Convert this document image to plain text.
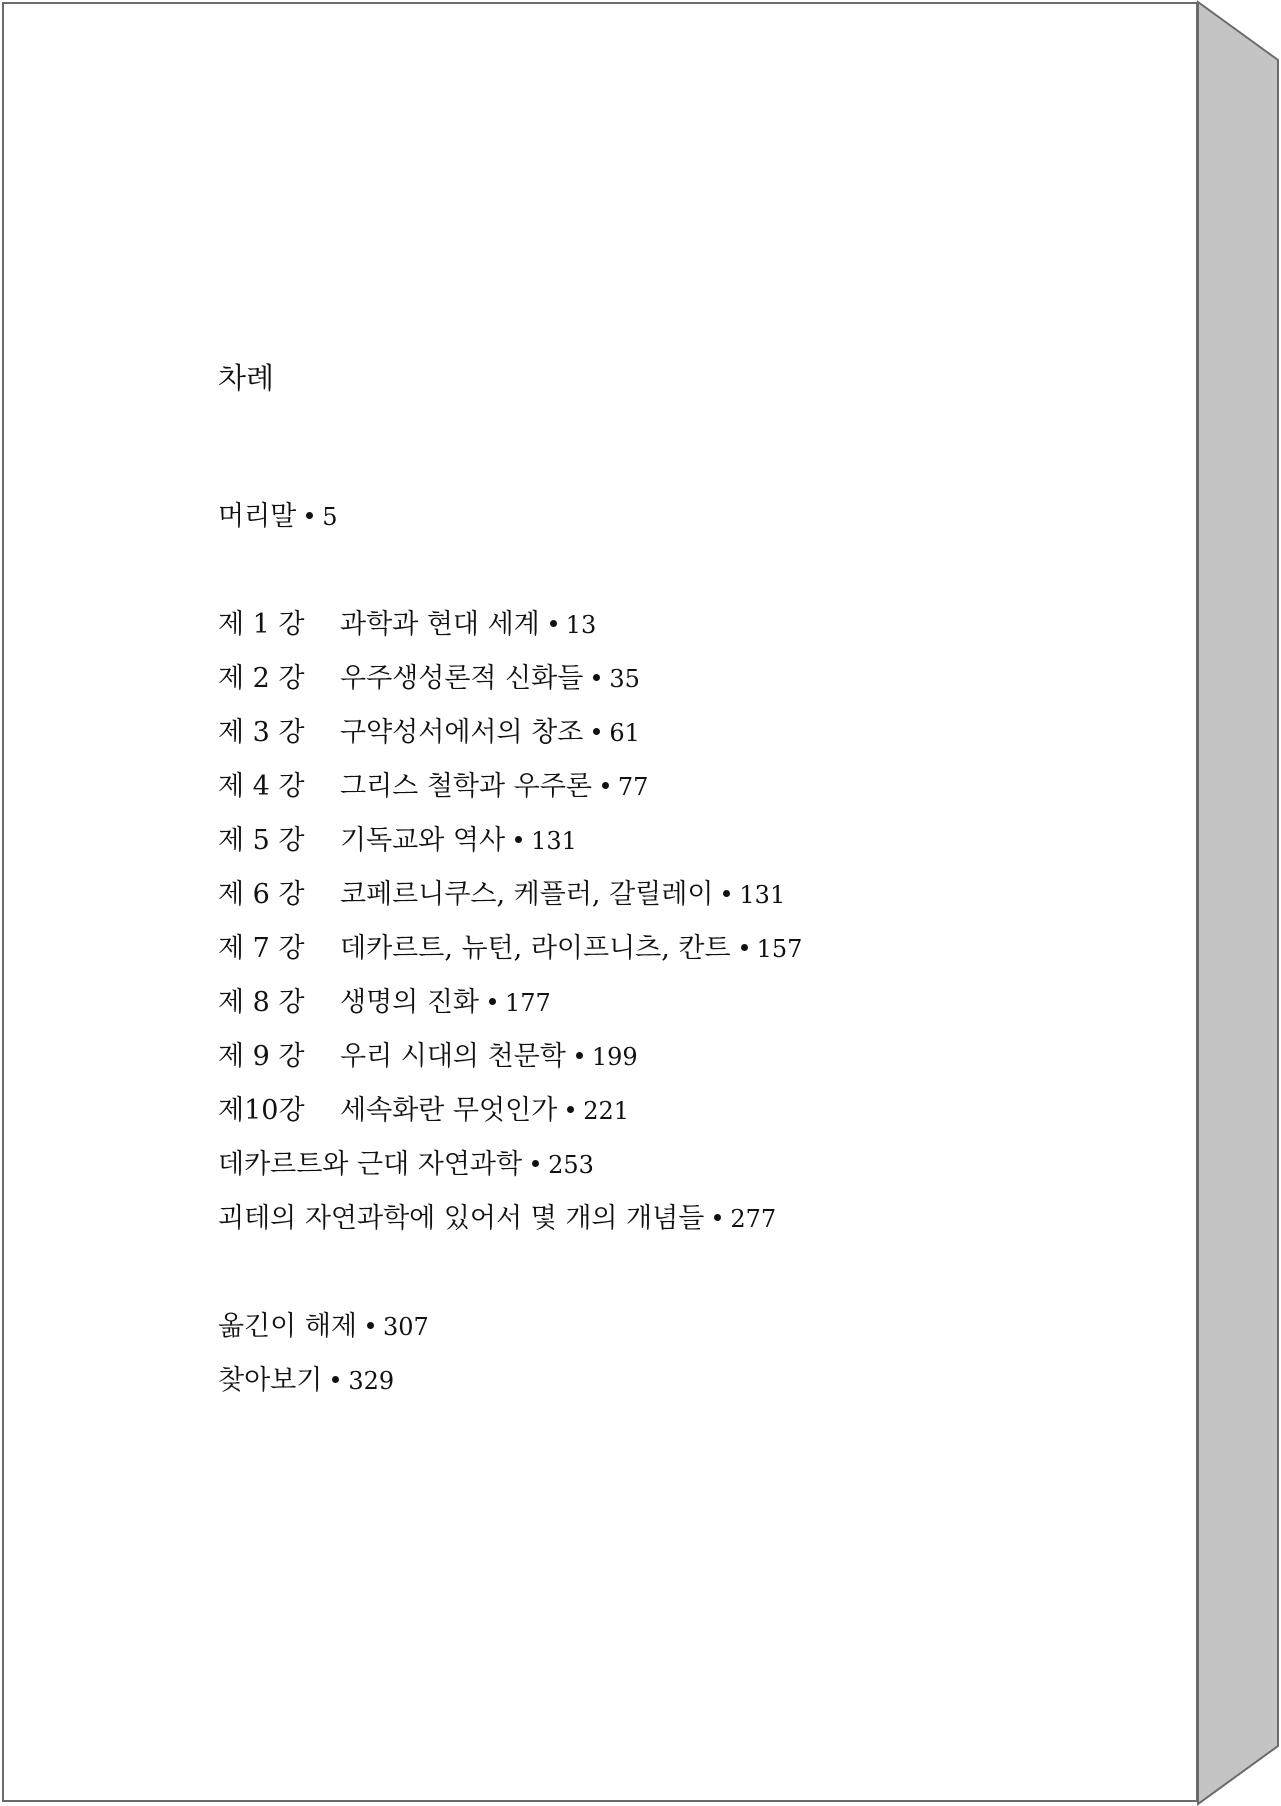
차례
머리말 5
제 1 강 과학과 현대 세계 13
제 2 강 우주생성론적 신화들 35
제 3 강 구약성서에서의 창조 61
제 4 강 그리스 철학과 우주론 77
제 5 강 기독교와 역사 131
제 6 강 코페르니쿠스, 케플러, 갈릴레이 131
제 7 강 데카르트, 뉴턴, 라이프니츠, 칸트 157
제 8 강 생명의 진화 177
제 9 강 우리 시대의 천문학 199
제10강 세속화란 무엇인가 221
데카르트와 근대 자연과학 253
괴테의 자연과학에 있어서 몇 개의 개념들 277
옮긴이 해제 307
찾아보기 329
